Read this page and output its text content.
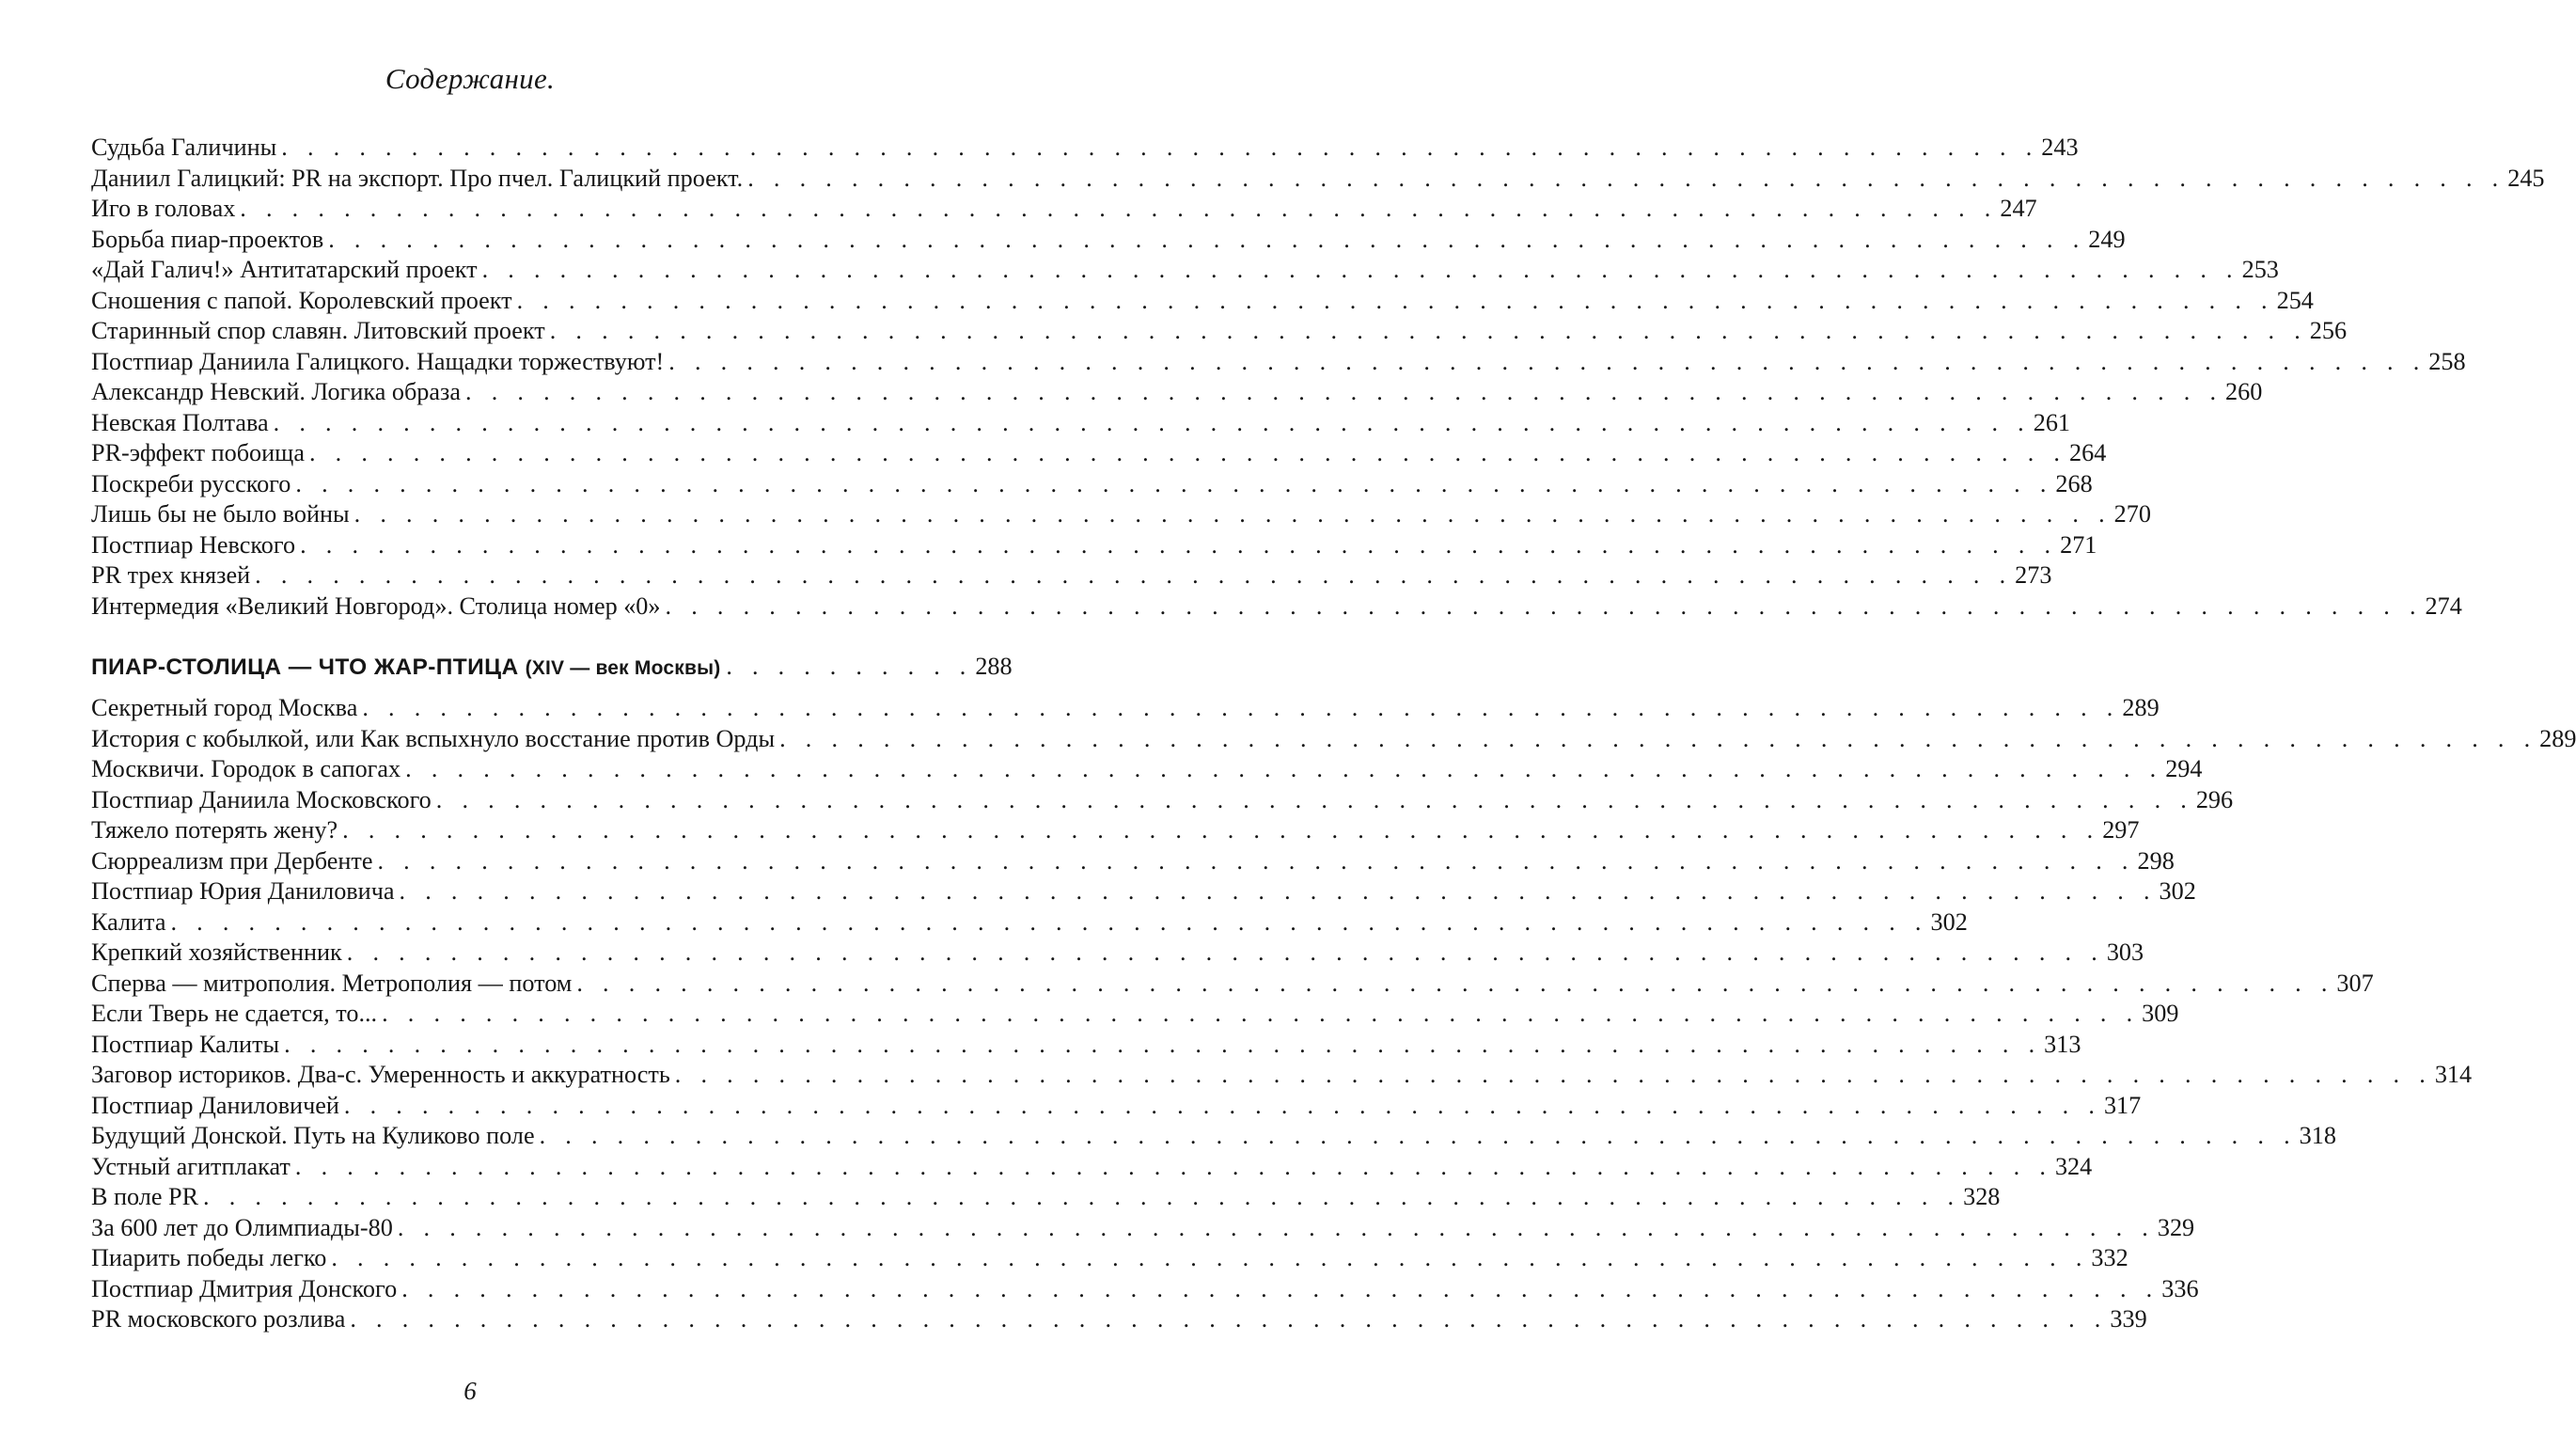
Содержание.
Судьба Галичины . . .	243
Даниил Галицкий: PR на экспорт. Про пчел. Галицкий проект. . . .	245
Иго в головах . . .	247
Борьба пиар-проектов . . .	249
«Дай Галич!» Антитатарский проект . . .	253
Сношения с папой. Королевский проект . . .	254
Старинный спор славян. Литовский проект . . .	256
Постпиар Даниила Галицкого. Нащадки торжествуют! . . .	258
Александр Невский. Логика образа . . .	260
Невская Полтава . . .	261
PR-эффект побоища . . .	264
Поскреби русского . . .	268
Лишь бы не было войны . . .	270
Постпиар Невского . . .	271
PR трех князей . . .	273
Интермедия «Великий Новгород». Столица номер «0» . . .	274
ПИАР-СТОЛИЦА — ЧТО ЖАР-ПТИЦА (XIV — век Москвы) . . .	288
Секретный город Москва . . .	289
История с кобылкой, или Как вспыхнуло восстание против Орды . . .	289
Москвичи. Городок в сапогах . . .	294
Постпиар Даниила Московского . . .	296
Тяжело потерять жену? . . .	297
Сюрреализм при Дербенте . . .	298
Постпиар Юрия Даниловича . . .	302
Калита . . .	302
Крепкий хозяйственник . . .	303
Сперва — митрополия. Метрополия — потом . . .	307
Если Тверь не сдается, то... . . .	309
Постпиар Калиты . . .	313
Заговор историков. Два-с. Умеренность и аккуратность . . .	314
Постпиар Даниловичей . . .	317
Будущий Донской. Путь на Куликово поле . . .	318
Устный агитплакат . . .	324
В поле PR . . .	328
За 600 лет до Олимпиады-80 . . .	329
Пиарить победы легко . . .	332
Постпиар Дмитрия Донского . . .	336
PR московского розлива . . .	339
6
